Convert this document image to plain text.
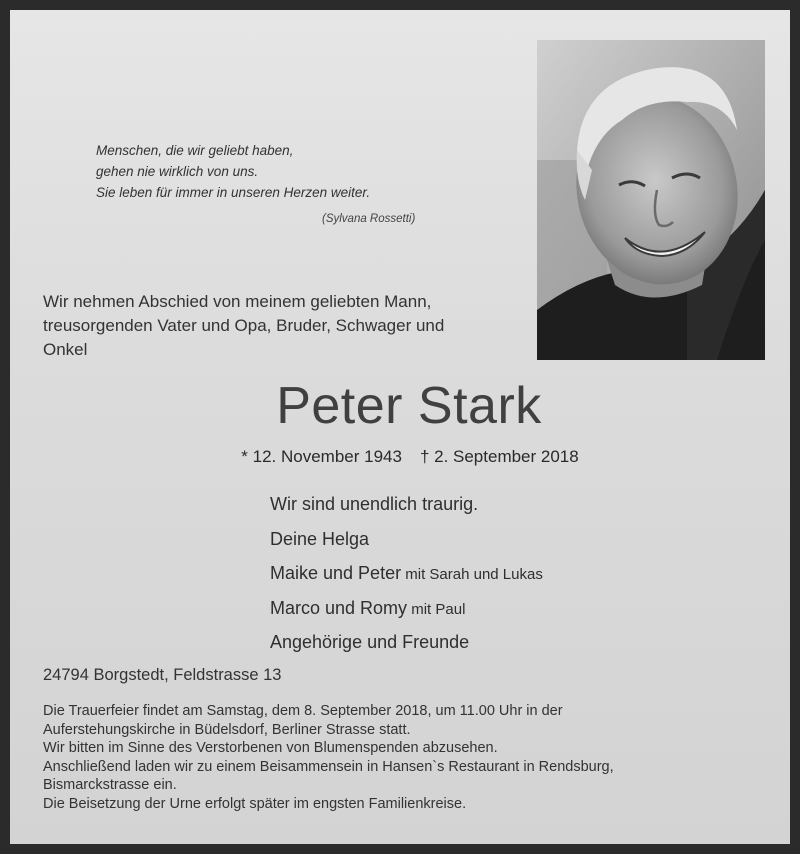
Menschen, die wir geliebt haben,
gehen nie wirklich von uns.
Sie leben für immer in unseren Herzen weiter.
(Sylvana Rossetti)
Wir nehmen Abschied von meinem geliebten Mann,
treusorgenden Vater und Opa, Bruder, Schwager und
Onkel
Peter Stark
* 12. November 1943 † 2. September 2018
Wir sind unendlich traurig.
Deine Helga
Maike und Peter mit Sarah und Lukas
Marco und Romy mit Paul
Angehörige und Freunde
24794 Borgstedt, Feldstrasse 13

Die Trauerfeier findet am Samstag, dem 8. September 2018, um 11.00 Uhr in der

Auferstehungskirche in Büdelsdorf, Berliner Strasse statt.

Wir bitten im Sinne des Verstorbenen von Blumenspenden abzusehen.

Anschließend laden wir zu einem Beisammensein in Hansen`s Restaurant in Rendsburg,

Bismarckstrasse ein.

Die Beisetzung der Urne erfolgt später im engsten Familienkreise.
